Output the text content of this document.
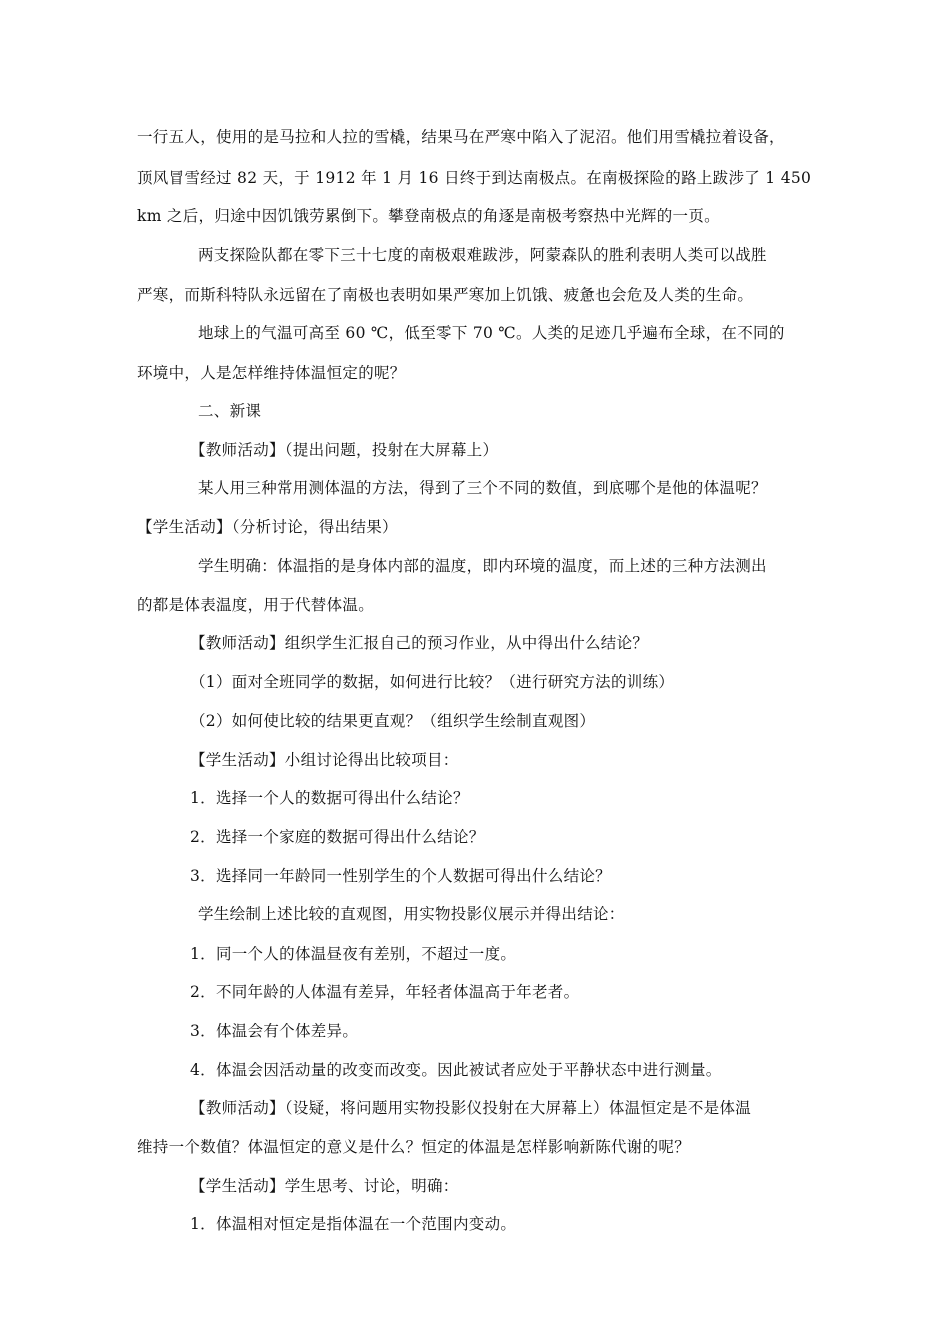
一行五人，使用的是马拉和人拉的雪橇，结果马在严寒中陷入了泥沼。他们用雪橇拉着设备，
顶风冒雪经过 82 天，于 1912 年 1 月 16 日终于到达南极点。在南极探险的路上跋涉了 1 450
km 之后，归途中因饥饿劳累倒下。攀登南极点的角逐是南极考察热中光辉的一页。
两支探险队都在零下三十七度的南极艰难跋涉，阿蒙森队的胜利表明人类可以战胜
严寒，而斯科特队永远留在了南极也表明如果严寒加上饥饿、疲惫也会危及人类的生命。
地球上的气温可高至 60 ℃，低至零下 70 ℃。人类的足迹几乎遍布全球，在不同的
环境中，人是怎样维持体温恒定的呢？
二、新课
【教师活动】（提出问题，投射在大屏幕上）
某人用三种常用测体温的方法，得到了三个不同的数值，到底哪个是他的体温呢？
【学生活动】（分析讨论，得出结果）
学生明确：体温指的是身体内部的温度，即内环境的温度，而上述的三种方法测出
的都是体表温度，用于代替体温。
【教师活动】组织学生汇报自己的预习作业，从中得出什么结论？
（1）面对全班同学的数据，如何进行比较？（进行研究方法的训练）
（2）如何使比较的结果更直观？（组织学生绘制直观图）
【学生活动】小组讨论得出比较项目：
1．选择一个人的数据可得出什么结论？
2．选择一个家庭的数据可得出什么结论？
3．选择同一年龄同一性别学生的个人数据可得出什么结论？
学生绘制上述比较的直观图，用实物投影仪展示并得出结论：
1．同一个人的体温昼夜有差别，不超过一度。
2．不同年龄的人体温有差异，年轻者体温高于年老者。
3．体温会有个体差异。
4．体温会因活动量的改变而改变。因此被试者应处于平静状态中进行测量。
【教师活动】（设疑，将问题用实物投影仪投射在大屏幕上）体温恒定是不是体温
维持一个数值？体温恒定的意义是什么？恒定的体温是怎样影响新陈代谢的呢？
【学生活动】学生思考、讨论，明确：
1．体温相对恒定是指体温在一个范围内变动。
